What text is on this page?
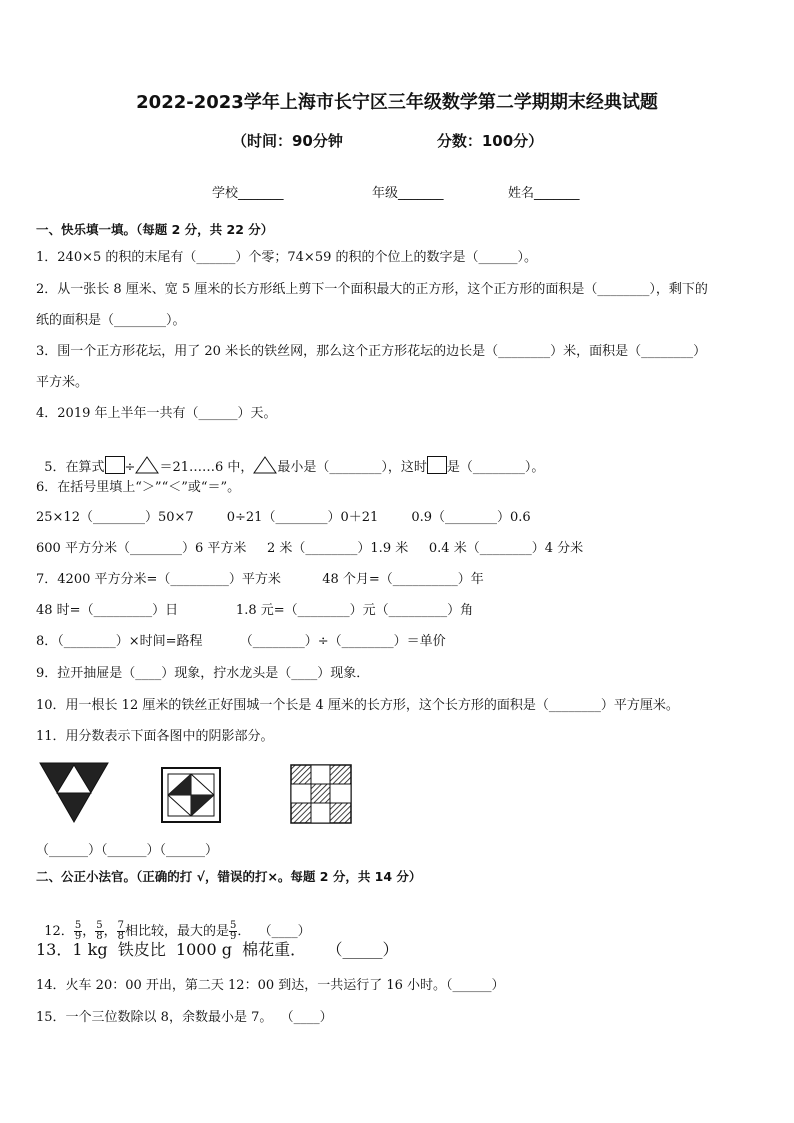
2022-2023学年上海市长宁区三年级数学第二学期期末经典试题
（时间：90分钟                  分数：100分）
学校_______	年级_______	姓名_______
一、快乐填一填。（每题 2 分，共 22 分）
1．240×5 的积的末尾有（______）个零；74×59 的积的个位上的数字是（______）。
2．从一张长 8 厘米、宽 5 厘米的长方形纸上剪下一个面积最大的正方形，这个正方形的面积是（________），剩下的
纸的面积是（________）。
3．围一个正方形花坛，用了 20 米长的铁丝网，那么这个正方形花坛的边长是（________）米，面积是（________）
平方米。
4．2019 年上半年一共有（______）天。

5．在算式 ÷ ＝21……6 中， 最小是（________），这时 是（________）。

6．在括号里填上“＞”“＜”或“＝”。
25×12（________）50×7        0÷21（________）0＋21        0.9（________）0.6
600 平方分米（________）6 平方米     2 米（________）1.9 米     0.4 米（________）4 分米
7．4200 平方分米=（_________）平方米          48 个月=（__________）年
48 时=（_________）日              1.8 元=（________）元（_________）角
8．（________）×时间=路程         （________）÷（________）＝单价
9．拉开抽屉是（____）现象，拧水龙头是（____）现象．
10．用一根长 12 厘米的铁丝正好围城一个长是 4 厘米的长方形，这个长方形的面积是（________）平方厘米。
11．用分数表示下面各图中的阴影部分。
（______）（______）（______）
二、公正小法官。（正确的打 √，错误的打×。每题 2 分，共 14 分）

12． $\frac{5}{9}$ ， $\frac{5}{8}$ ， $\frac{7}{8}$ 相比较，最大的是 $\frac{5}{9}$ ．  （____）

13．1 kg  铁皮比  1000 g  棉花重．    （_____）
14．火车 20：00 开出，第二天 12：00 到达，一共运行了 16 小时。（______）
15．一个三位数除以 8，余数最小是 7。  （____）
